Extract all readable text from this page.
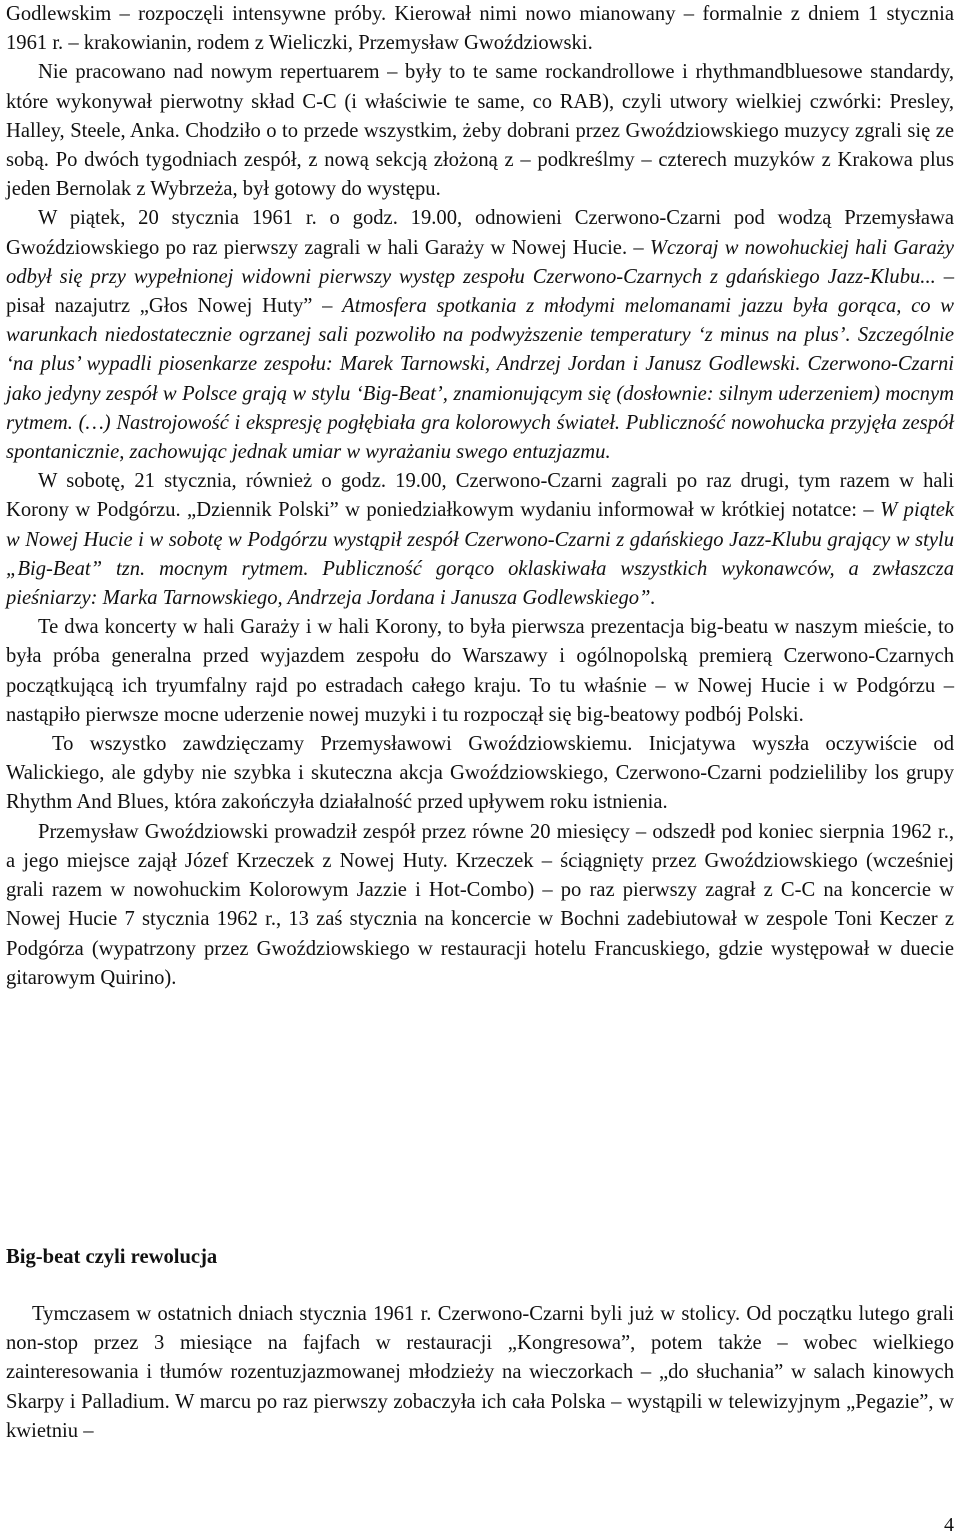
Godlewskim – rozpoczęli intensywne próby. Kierował nimi nowo mianowany – formalnie z dniem 1 stycznia 1961 r. – krakowianin, rodem z Wieliczki, Przemysław Gwoździowski.

Nie pracowano nad nowym repertuarem – były to te same rockandrollowe i rhythmandbluesowe standardy, które wykonywał pierwotny skład C-C (i właściwie te same, co RAB), czyli utwory wielkiej czwórki: Presley, Halley, Steele, Anka. Chodziło o to przede wszystkim, żeby dobrani przez Gwoździowskiego muzycy zgrali się ze sobą. Po dwóch tygodniach zespół, z nową sekcją złożoną z – podkreślmy – czterech muzyków z Krakowa plus jeden Bernolak z Wybrzeża, był gotowy do występu.

W piątek, 20 stycznia 1961 r. o godz. 19.00, odnowieni Czerwono-Czarni pod wodzą Przemysława Gwoździowskiego po raz pierwszy zagrali w hali Garaży w Nowej Hucie. – Wczoraj w nowohuckiej hali Garaży odbył się przy wypełnionej widowni pierwszy występ zespołu Czerwono-Czarnych z gdańskiego Jazz-Klubu... – pisał nazajutrz „Głos Nowej Huty” – Atmosfera spotkania z młodymi melomanami jazzu była gorąca, co w warunkach niedostatecznie ogrzanej sali pozwoliło na podwyższenie temperatury ‘z minus na plus’. Szczególnie ‘na plus’ wypadli piosenkarze zespołu: Marek Tarnowski, Andrzej Jordan i Janusz Godlewski. Czerwono-Czarni jako jedyny zespół w Polsce grają w stylu ‘Big-Beat’, znamionującym się (dosłownie: silnym uderzeniem) mocnym rytmem. (…) Nastrojowość i ekspresję pogłębiała gra kolorowych świateł. Publiczność nowohucka przyjęła zespół spontanicznie, zachowując jednak umiar w wyrażaniu swego entuzjazmu.

W sobotę, 21 stycznia, również o godz. 19.00, Czerwono-Czarni zagrali po raz drugi, tym razem w hali Korony w Podgórzu. „Dziennik Polski” w poniedziałkowym wydaniu informował w krótkiej notatce: – W piątek w Nowej Hucie i w sobotę w Podgórzu wystąpił zespół Czerwono-Czarni z gdańskiego Jazz-Klubu grający w stylu „Big-Beat” tzn. mocnym rytmem. Publiczność gorąco oklaskiwała wszystkich wykonawców, a zwłaszcza pieśniarzy: Marka Tarnowskiego, Andrzeja Jordana i Janusza Godlewskiego”.

Te dwa koncerty w hali Garaży i w hali Korony, to była pierwsza prezentacja big-beatu w naszym mieście, to była próba generalna przed wyjazdem zespołu do Warszawy i ogólnopolską premierą Czerwono-Czarnych początkującą ich tryumfalny rajd po estradach całego kraju. To tu właśnie – w Nowej Hucie i w Podgórzu – nastąpiło pierwsze mocne uderzenie nowej muzyki i tu rozpoczął się big-beatowy podbój Polski.

To wszystko zawdzięczamy Przemysławowi Gwoździowskiemu. Inicjatywa wyszła oczywiście od Walickiego, ale gdyby nie szybka i skuteczna akcja Gwoździowskiego, Czerwono-Czarni podzieliliby los grupy Rhythm And Blues, która zakończyła działalność przed upływem roku istnienia.

Przemysław Gwoździowski prowadził zespół przez równe 20 miesięcy – odszedł pod koniec sierpnia 1962 r., a jego miejsce zajął Józef Krzeczek z Nowej Huty. Krzeczek – ściągnięty przez Gwoździowskiego (wcześniej grali razem w nowohuckim Kolorowym Jazzie i Hot-Combo) – po raz pierwszy zagrał z C-C na koncercie w Nowej Hucie 7 stycznia 1962 r., 13 zaś stycznia na koncercie w Bochni zadebiutował w zespole Toni Keczer z Podgórza (wypatrzony przez Gwoździowskiego w restauracji hotelu Francuskiego, gdzie występował w duecie gitarowym Quirino).

Big-beat czyli rewolucja

Tymczasem w ostatnich dniach stycznia 1961 r. Czerwono-Czarni byli już w stolicy. Od początku lutego grali non-stop przez 3 miesiące na fajfach w restauracji „Kongresowa”, potem także – wobec wielkiego zainteresowania i tłumów rozentuzjazmowanej młodzieży na wieczorkach – „do słuchania” w salach kinowych Skarpy i Palladium. W marcu po raz pierwszy zobaczyła ich cała Polska – wystąpili w telewizyjnym „Pegazie”, w kwietniu –

4
